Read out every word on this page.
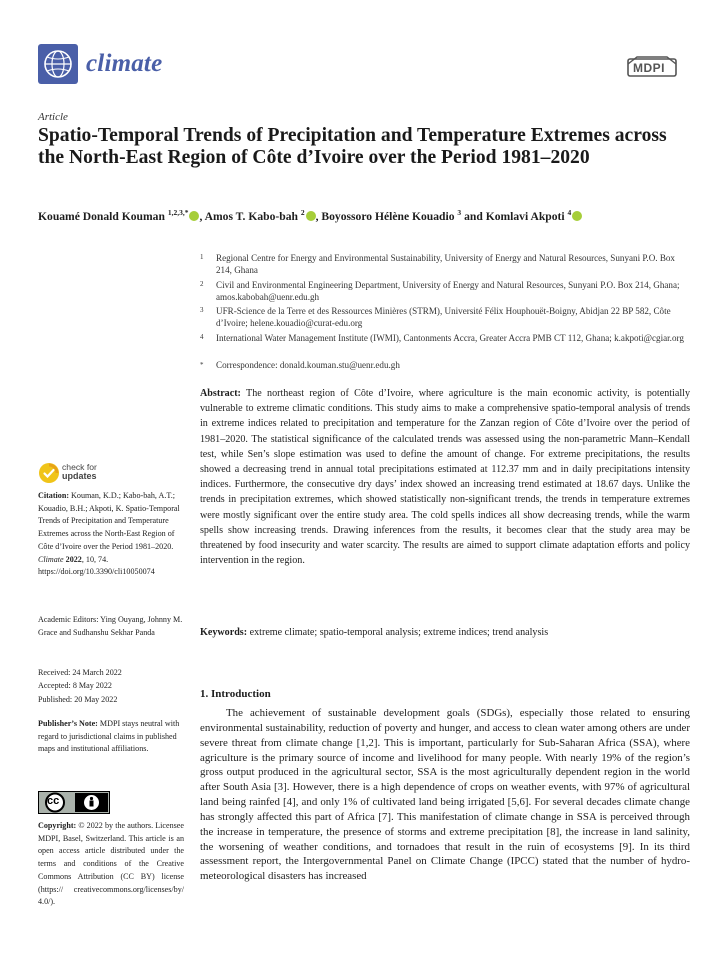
climate	MDPI
Article
Spatio-Temporal Trends of Precipitation and Temperature Extremes across the North-East Region of Côte d’Ivoire over the Period 1981–2020
Kouamé Donald Kouman $^{1,2,3,*}$ , Amos T. Kabo-bah $^2$ , Boyossoro Hélène Kouadio $^3$ and Komlavi Akpoti $^4$
1 Regional Centre for Energy and Environmental Sustainability, University of Energy and Natural Resources, Sunyani P.O. Box 214, Ghana
2 Civil and Environmental Engineering Department, University of Energy and Natural Resources, Sunyani P.O. Box 214, Ghana; amos.kabobah@uenr.edu.gh
3 UFR-Science de la Terre et des Ressources Minières (STRM), Université Félix Houphouët-Boigny, Abidjan 22 BP 582, Côte d’Ivoire; helene.kouadio@curat-edu.org
4 International Water Management Institute (IWMI), Cantonments Accra, Greater Accra PMB CT 112, Ghana; k.akpoti@cgiar.org
* Correspondence: donald.kouman.stu@uenr.edu.gh
Abstract: The northeast region of Côte d’Ivoire, where agriculture is the main economic activity, is potentially vulnerable to extreme climatic conditions. This study aims to make a comprehensive spatio-temporal analysis of trends in extreme indices related to precipitation and temperature for the Zanzan region of Côte d’Ivoire over the period of 1981–2020. The statistical significance of the calculated trends was assessed using the non-parametric Mann–Kendall test, while Sen’s slope estimation was used to define the amount of change. For extreme precipitations, the results showed a decreasing trend in annual total precipitations estimated at 112.37 mm and in daily precipitations intensity indices. Furthermore, the consecutive dry days’ index showed an increasing trend estimated at 18.67 days. Unlike the trends in precipitation extremes, which showed statistically non-significant trends, the trends in temperature extremes were mostly significant over the entire study area. The cold spells indices all show decreasing trends, while the warm spells show increasing trends. Drawing inferences from the results, it becomes clear that the study area may be threatened by food insecurity and water scarcity. The results are aimed to support climate adaptation efforts and policy intervention in the region.
Keywords: extreme climate; spatio-temporal analysis; extreme indices; trend analysis
check for
updates
Citation: Kouman, K.D.; Kabo-bah, A.T.; Kouadio, B.H.; Akpoti, K. Spatio-Temporal Trends of Precipitation and Temperature Extremes across the North-East Region of Côte d’Ivoire over the Period 1981–2020. Climate 2022, 10, 74. https://doi.org/10.3390/cli10050074
Academic Editors: Ying Ouyang, Johnny M. Grace and Sudhanshu Sekhar Panda
Received: 24 March 2022
Accepted: 8 May 2022
Published: 20 May 2022
Publisher’s Note: MDPI stays neutral with regard to jurisdictional claims in published maps and institutional affiliations.
cc
Copyright: © 2022 by the authors. Licensee MDPI, Basel, Switzerland. This article is an open access article distributed under the terms and conditions of the Creative Commons Attribution (CC BY) license (https:// creativecommons.org/licenses/by/ 4.0/).
1. Introduction
The achievement of sustainable development goals (SDGs), especially those related to ensuring environmental sustainability, reduction of poverty and hunger, and access to clean water among others are under severe threat from climate change [1,2]. This is important, particularly for Sub-Saharan Africa (SSA), where agriculture is the primary source of income and livelihood for many people. With nearly 19% of the region’s gross output produced in the agricultural sector, SSA is the most agriculturally dependent region in the world after South Asia [3]. However, there is a high dependence of crops on weather events, with 97% of agricultural land being rainfed [4], and only 1% of cultivated land being irrigated [5,6]. For several decades climate change has strongly affected this part of Africa [7]. This manifestation of climate change in SSA is perceived through the increase in temperature, the presence of storms and extreme precipitation [8], the increase in land salinity, the worsening of weather conditions, and tornadoes that result in the ruin of ecosystems [9]. In its third assessment report, the Intergovernmental Panel on Climate Change (IPCC) stated that the number of hydro-meteorological disasters has increased
